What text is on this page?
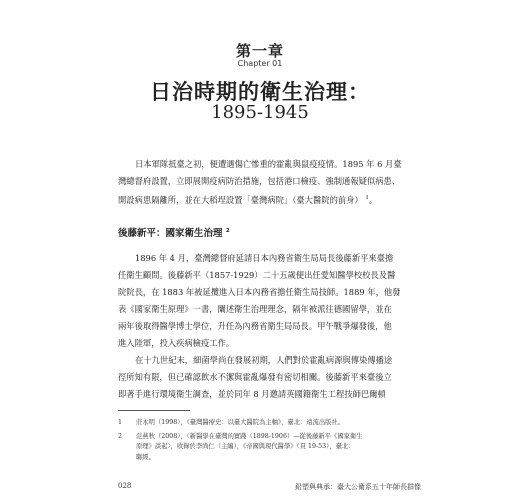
第一章
Chapter 01
日治時期的衛生治理：
1895-1945
日本軍隊抵臺之初，便遭遇傷亡慘重的霍亂與鼠疫疫情。1895 年 6 月臺
灣總督府設置，立即展開疫病防治措施，包括港口檢疫、強制通報疑似病患、
開設病患隔離所，並在大稻埕設置「臺灣病院」（臺大醫院的前身） $^1$。
後藤新平：國家衛生治理 $^2$
1896 年 4 月，臺灣總督府延請日本內務省衛生局局長後藤新平來臺擔
任衛生顧問。後藤新平（1857-1929）二十五歲便出任愛知醫學校校長及醫
院院長，在 1883 年被延攬進入日本內務省擔任衛生局技師。1889 年，他發
表《國家衛生原理》一書，闡述衛生治理理念，隔年被派往德國留學，並在
兩年後取得醫學博士學位，升任為內務省衛生局局長。甲午戰爭爆發後，他
進入陸軍，投入疾病檢疫工作。
在十九世紀末，細菌學尚在發展初期，人們對於霍亂病源與傳染傳播途
徑所知有限，但已確認飲水不潔與霍亂爆發有密切相關。後藤新平來臺後立
即著手進行環境衛生調查，並於同年 8 月邀請英國籍衛生工程技師巴爾頓
1 莊永明（1998），《臺灣醫療史：以臺大醫院為主軸》，臺北：遠流出版社。
2 范燕秋（2008），〈新醫學在臺灣的實踐（1898-1906）—從後藤新平《國家衛生
原理》談起〉，收錄於李尚仁（主編），《帝國與現代醫學》（頁 19-53），臺北：
聯經。
028	鉛塑與典承：臺大公衛系五十年師長群像
